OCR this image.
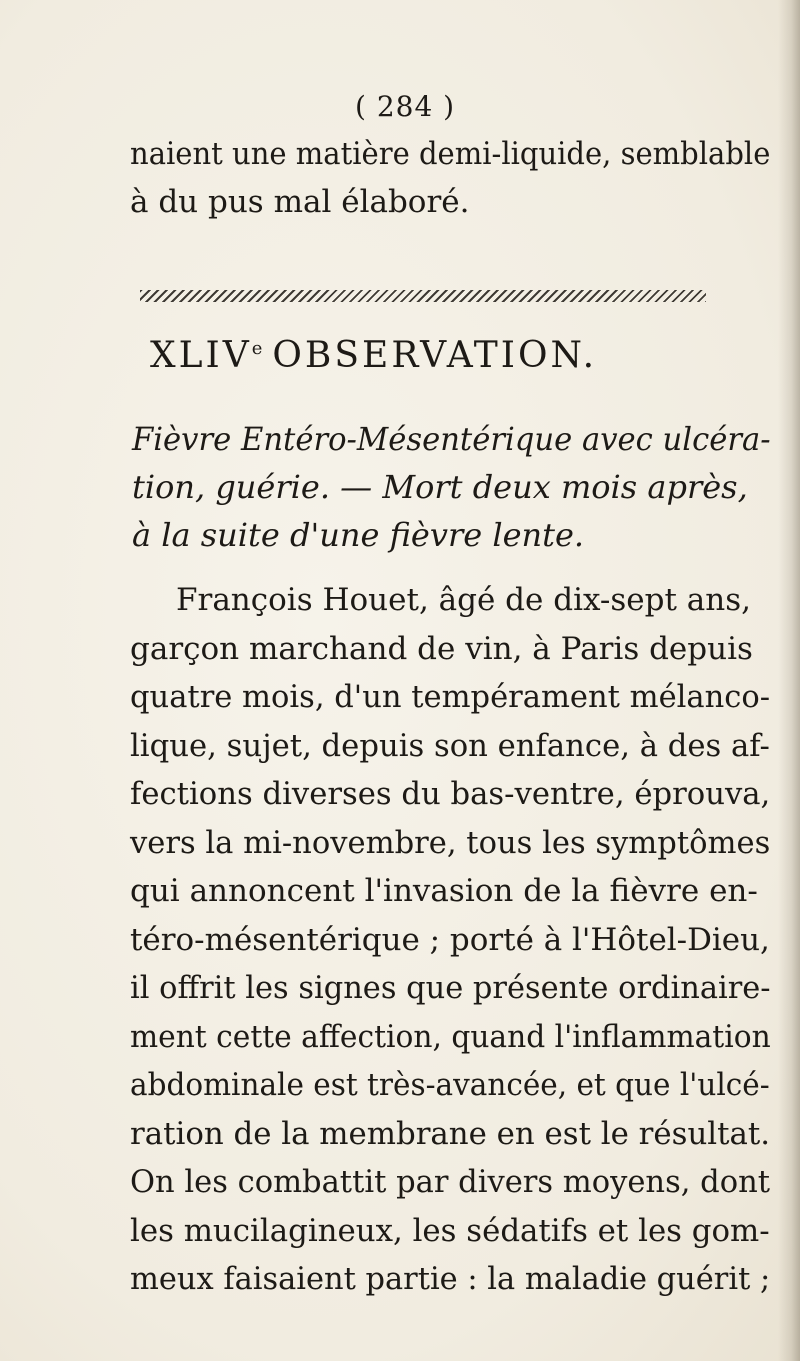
( 284 )
naient une matière demi-liquide, semblable
à du pus mal élaboré.
XLIVe OBSERVATION.
Fièvre Entéro-Mésentérique avec ulcéra-
tion, guérie. — Mort deux mois après,
à la suite d'une fièvre lente.
François Houet, âgé de dix-sept ans,
garçon marchand de vin, à Paris depuis
quatre mois, d'un tempérament mélanco-
lique, sujet, depuis son enfance, à des af-
fections diverses du bas-ventre, éprouva,
vers la mi-novembre, tous les symptômes
qui annoncent l'invasion de la fièvre en-
téro-mésentérique ; porté à l'Hôtel-Dieu,
il offrit les signes que présente ordinaire-
ment cette affection, quand l'inflammation
abdominale est très-avancée, et que l'ulcé-
ration de la membrane en est le résultat.
On les combattit par divers moyens, dont
les mucilagineux, les sédatifs et les gom-
meux faisaient partie : la maladie guérit ;
